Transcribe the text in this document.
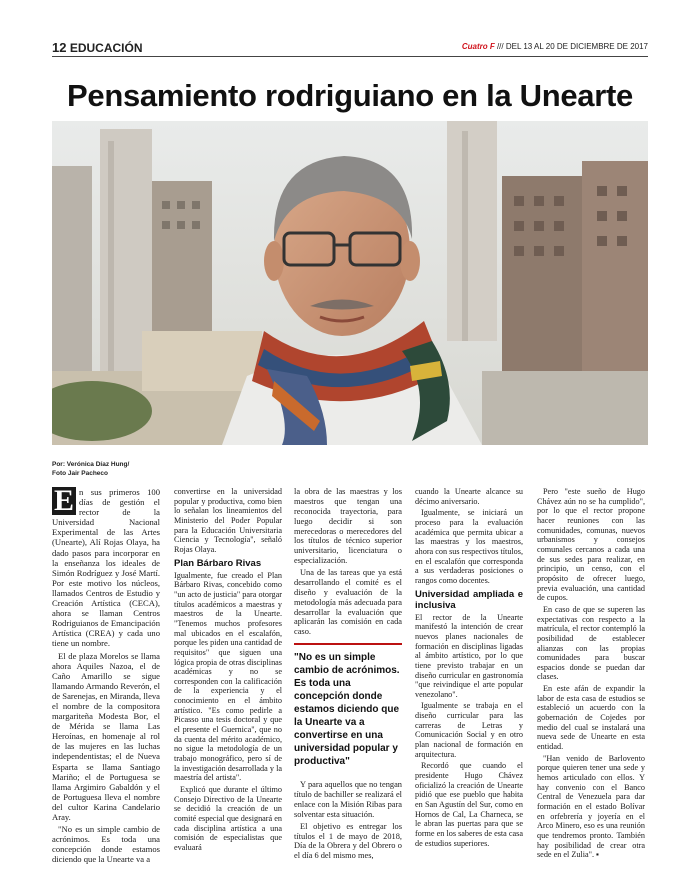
12 EDUCACIÓN	Cuatro F /// DEL 13 AL 20 DE DICIEMBRE DE 2017
Pensamiento rodriguiano en la Unearte
Por: Verónica Díaz Hung/
Foto Jair Pacheco

E n sus primeros 100 días de gestión el rector de la Universidad Nacional Experimental de las Artes (Unearte), Alí Rojas Olaya, ha dado pasos para incorporar en la enseñanza los ideales de Simón Rodríguez y José Martí. Por este motivo los núcleos, llamados Centros de Estudio y Creación Artística (CECA), ahora se llaman Centros Rodriguianos de Emancipación Artística (CREA) y cada uno tiene un nombre.

El de plaza Morelos se llama ahora Aquiles Nazoa, el de Caño Amarillo se sigue llamando Armando Reverón, el de Sarenejas, en Miranda, lleva el nombre de la compositora margariteña Modesta Bor, el de Mérida se llama Las Heroínas, en homenaje al rol de las mujeres en las luchas independentistas; el de Nueva Esparta se llama Santiago Mariño; el de Portuguesa se llama Argimiro Gabaldón y el de Portuguesa lleva el nombre del cultor Karina Candelario Aray.

"No es un simple cambio de acrónimos. Es toda una concepción donde estamos diciendo que la Unearte va a

convertirse en la universidad popular y productiva, como bien lo señalan los lineamientos del Ministerio del Poder Popular para la Educación Universitaria Ciencia y Tecnología", señaló Rojas Olaya.

Plan Bárbaro Rivas

Igualmente, fue creado el Plan Bárbaro Rivas, concebido como "un acto de justicia" para otorgar títulos académicos a maestras y maestros de la Unearte. "Tenemos muchos profesores mal ubicados en el escalafón, porque les piden una cantidad de requisitos" que siguen una lógica propia de otras disciplinas académicas y no se corresponden con la calificación de la experiencia y el conocimiento en el ámbito artístico. "Es como pedirle a Picasso una tesis doctoral y que el presente el Guernica", que no da cuenta del mérito académico, no sigue la metodología de un trabajo monográfico, pero sí de la investigación desarrollada y la maestría del artista".

Explicó que durante el último Consejo Directivo de la Unearte se decidió la creación de un comité especial que designará en cada disciplina artística a una comisión de especialistas que evaluará

la obra de las maestras y los maestros que tengan una reconocida trayectoria, para luego decidir si son merecedoras o merecedores del los títulos de técnico superior universitario, licenciatura o especialización.

Una de las tareas que ya está desarrollando el comité es el diseño y evaluación de la metodología más adecuada para desarrollar la evaluación que aplicarán las comisión en cada caso.

"No es un simple cambio de acrónimos. Es toda una concepción donde estamos diciendo que la Unearte va a convertirse en una universidad popular y productiva"

Y para aquellos que no tengan título de bachiller se realizará el enlace con la Misión Ribas para solventar esta situación.

El objetivo es entregar los títulos el 1 de mayo de 2018, Día de la Obrera y del Obrero o el día 6 del mismo mes,

cuando la Unearte alcance su décimo aniversario.

Igualmente, se iniciará un proceso para la evaluación académica que permita ubicar a las maestras y los maestros, ahora con sus respectivos títulos, en el escalafón que corresponda a sus verdaderas posiciones o rangos como docentes.

Universidad ampliada e inclusiva

El rector de la Unearte manifestó la intención de crear nuevos planes nacionales de formación en disciplinas ligadas al ámbito artístico, por lo que tiene previsto trabajar en un diseño curricular en gastronomía "que reivindique el arte popular venezolano".

Igualmente se trabaja en el diseño curricular para las carreras de Letras y Comunicación Social y en otro plan nacional de formación en arquitectura.

Recordó que cuando el presidente Hugo Chávez oficializó la creación de Unearte pidió que ese pueblo que habita en San Agustín del Sur, como en Hornos de Cal, La Charneca, se le abran las puertas para que se forme en los saberes de esta casa de estudios superiores.

Pero "este sueño de Hugo Chávez aún no se ha cumplido", por lo que el rector propone hacer reuniones con las comunidades, comunas, nuevos urbanismos y consejos comunales cercanos a cada una de sus sedes para realizar, en principio, un censo, con el propósito de ofrecer luego, previa evaluación, una cantidad de cupos.

En caso de que se superen las expectativas con respecto a la matrícula, el rector contempló la posibilidad de establecer alianzas con las propias comunidades para buscar espacios donde se puedan dar clases.

En este afán de expandir la labor de esta casa de estudios se estableció un acuerdo con la gobernación de Cojedes por medio del cual se instalará una nueva sede de Unearte en esta entidad.

"Han venido de Barlovento porque quieren tener una sede y hemos articulado con ellos. Y hay convenio con el Banco Central de Venezuela para dar formación en el estado Bolívar en orfebrería y joyería en el Arco Minero, eso es una reunión que tendremos pronto. También hay posibilidad de crear otra sede en el Zulia". ▪
